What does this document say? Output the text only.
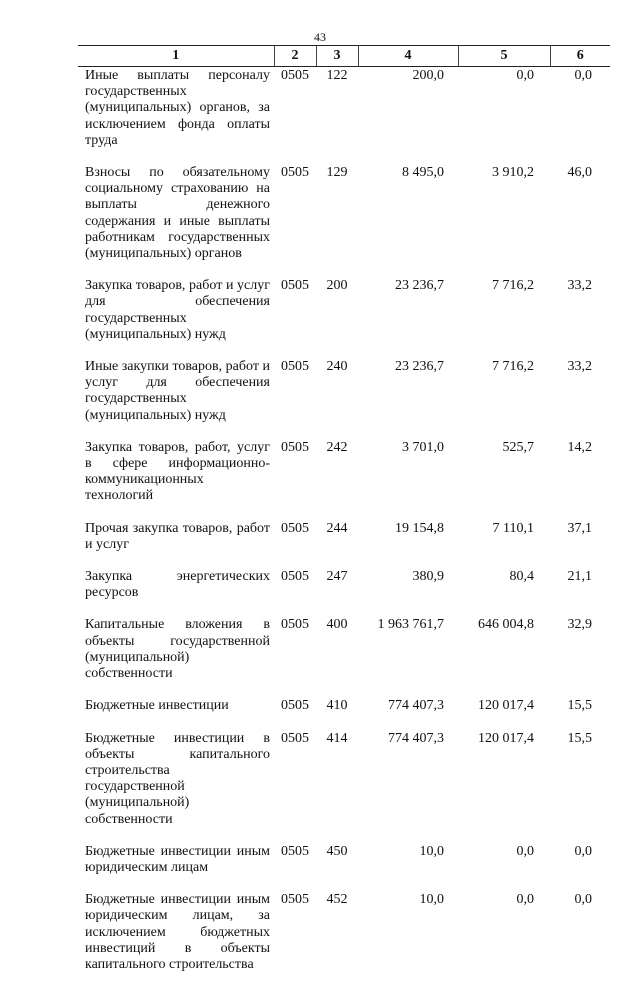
43
1	2	3	4	5	6
Иные выплаты персоналу государственных (муниципальных) органов, за исключением фонда оплаты труда	0505	122	200,0	0,0	0,0
Взносы по обязательному социальному страхованию на выплаты денежного содержания и иные выплаты работникам государственных (муниципальных) органов	0505	129	8 495,0	3 910,2	46,0
Закупка товаров, работ и услуг для обеспечения государственных (муниципальных) нужд	0505	200	23 236,7	7 716,2	33,2
Иные закупки товаров, работ и услуг для обеспечения государственных (муниципальных) нужд	0505	240	23 236,7	7 716,2	33,2
Закупка товаров, работ, услуг в сфере информационно-коммуникационных технологий	0505	242	3 701,0	525,7	14,2
Прочая закупка товаров, работ и услуг	0505	244	19 154,8	7 110,1	37,1
Закупка энергетических ресурсов	0505	247	380,9	80,4	21,1
Капитальные вложения в объекты государственной (муниципальной) собственности	0505	400	1 963 761,7	646 004,8	32,9
Бюджетные инвестиции	0505	410	774 407,3	120 017,4	15,5
Бюджетные инвестиции в объекты капитального строительства государственной (муниципальной) собственности	0505	414	774 407,3	120 017,4	15,5
Бюджетные инвестиции иным юридическим лицам	0505	450	10,0	0,0	0,0
Бюджетные инвестиции иным юридическим лицам, за исключением бюджетных инвестиций в объекты капитального строительства	0505	452	10,0	0,0	0,0
